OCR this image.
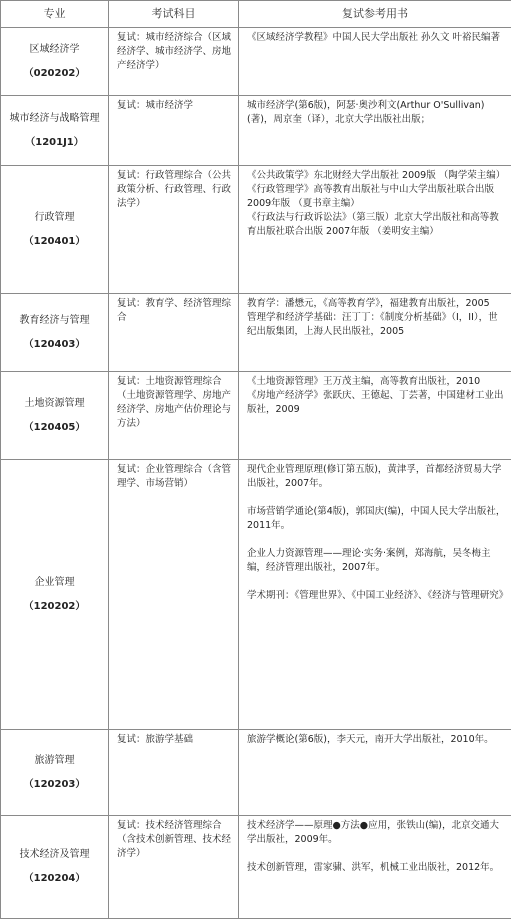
专业	考试科目	复试参考用书
区域经济学
（020202）	复试：城市经济综合（区域经济学、城市经济学、房地产经济学）	《区域经济学教程》中国人民大学出版社 孙久文 叶裕民编著

城市经济与战略管理
（1201J1）	复试：城市经济学	城市经济学(第6版)，阿瑟·奥沙利文(Arthur O'Sullivan) (著)，周京奎（译），北京大学出版社出版；

行政管理
（120401）	复试：行政管理综合（公共政策分析、行政管理、行政法学）	《公共政策学》东北财经大学出版社 2009版 （陶学荣主编）
《行政管理学》高等教育出版社与中山大学出版社联合出版 2009年版 （夏书章主编）
《行政法与行政诉讼法》（第三版）北京大学出版社和高等教育出版社联合出版 2007年版 （姜明安主编）

教育经济与管理
（120403）	复试：教育学、经济管理综合	教育学：潘懋元，《高等教育学》，福建教育出版社，2005
管理学和经济学基础：汪丁丁：《制度分析基础》（I，II），世纪出版集团，上海人民出版社，2005

土地资源管理
（120405）	复试：土地资源管理综合（土地资源管理学、房地产经济学、房地产估价理论与方法）	《土地资源管理》王万茂主编，高等教育出版社，2010
《房地产经济学》张跃庆、王德起、丁芸著，中国建材工业出版社，2009

企业管理
（120202）	复试：企业管理综合（含管理学、市场营销）	现代企业管理原理(修订第五版)，黄津孚，首都经济贸易大学出版社，2007年。
市场营销学通论(第4版)，郭国庆(编)，中国人民大学出版社，2011年。
企业人力资源管理——理论·实务·案例，郑海航，吴冬梅主编，经济管理出版社，2007年。
学术期刊：《管理世界》、《中国工业经济》、《经济与管理研究》

旅游管理
（120203）	复试：旅游学基础	旅游学概论(第6版)，李天元，南开大学出版社，2010年。

技术经济及管理
（120204）	复试：技术经济管理综合（含技术创新管理、技术经济学）	技术经济学——原理●方法●应用，张铁山(编)，北京交通大学出版社，2009年。
技术创新管理，雷家骕、洪军，机械工业出版社，2012年。
